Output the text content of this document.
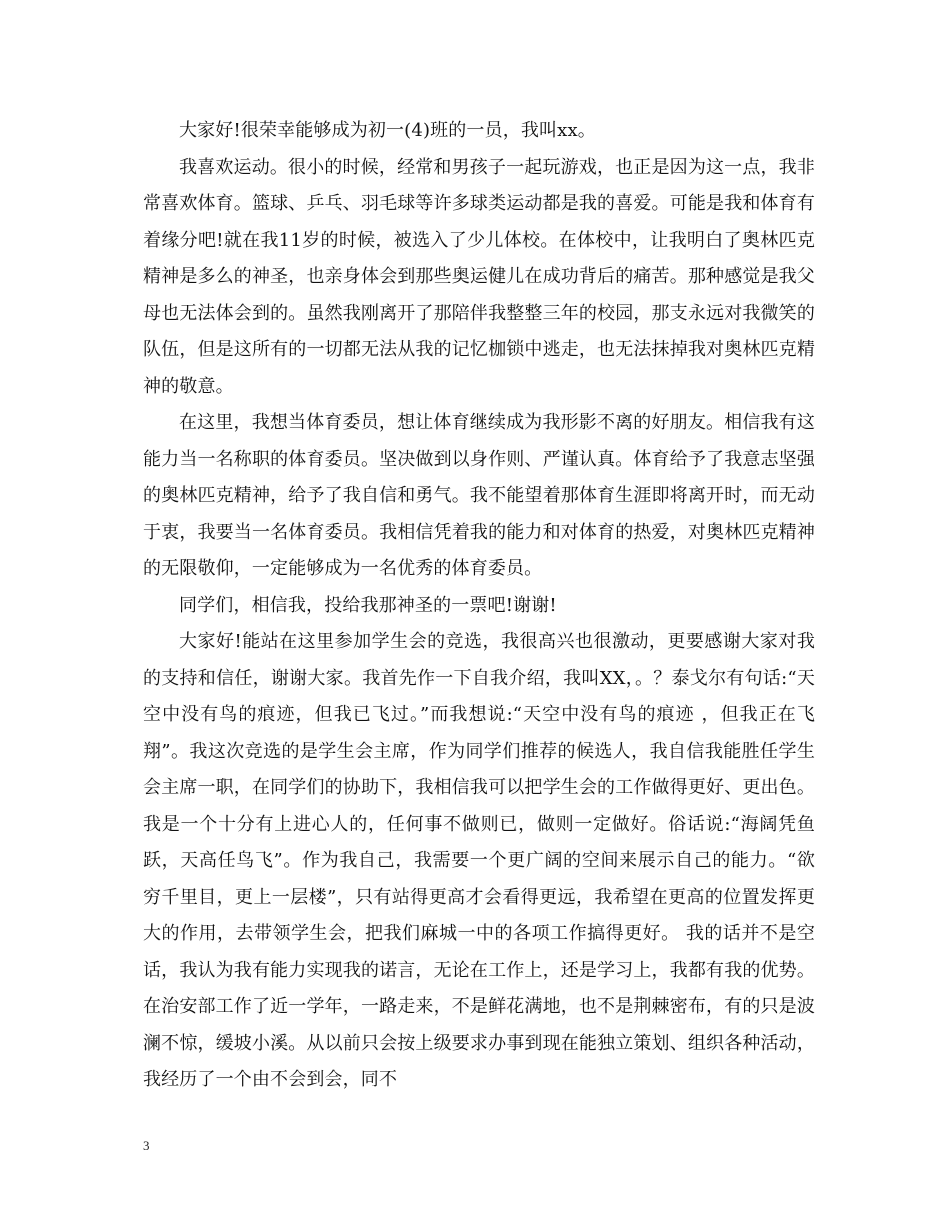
大家好!很荣幸能够成为初一(4)班的一员，我叫xx。

我喜欢运动。很小的时候，经常和男孩子一起玩游戏，也正是因为这一点，我非常喜欢体育。篮球、乒乓、羽毛球等许多球类运动都是我的喜爱。可能是我和体育有着缘分吧!就在我11岁的时候，被选入了少儿体校。在体校中，让我明白了奥林匹克精神是多么的神圣，也亲身体会到那些奥运健儿在成功背后的痛苦。那种感觉是我父母也无法体会到的。虽然我刚离开了那陪伴我整整三年的校园，那支永远对我微笑的队伍，但是这所有的一切都无法从我的记忆枷锁中逃走，也无法抹掉我对奥林匹克精神的敬意。

在这里，我想当体育委员，想让体育继续成为我形影不离的好朋友。相信我有这能力当一名称职的体育委员。坚决做到以身作则、严谨认真。体育给予了我意志坚强的奥林匹克精神，给予了我自信和勇气。我不能望着那体育生涯即将离开时，而无动于衷，我要当一名体育委员。我相信凭着我的能力和对体育的热爱，对奥林匹克精神的无限敬仰，一定能够成为一名优秀的体育委员。

同学们，相信我，投给我那神圣的一票吧!谢谢!

大家好!能站在这里参加学生会的竞选，我很高兴也很激动，更要感谢大家对我的支持和信任，谢谢大家。我首先作一下自我介绍，我叫XX，。？泰戈尔有句话:“天空中没有鸟的痕迹，但我已飞过。”而我想说:“天空中没有鸟的痕迹 ，但我正在飞翔”。我这次竞选的是学生会主席，作为同学们推荐的候选人，我自信我能胜任学生会主席一职，在同学们的协助下，我相信我可以把学生会的工作做得更好、更出色。 我是一个十分有上进心人的，任何事不做则已，做则一定做好。俗话说:“海阔凭鱼跃，天高任鸟飞”。作为我自己，我需要一个更广阔的空间来展示自己的能力。“欲穷千里目，更上一层楼”，只有站得更高才会看得更远，我希望在更高的位置发挥更大的作用，去带领学生会，把我们麻城一中的各项工作搞得更好。 我的话并不是空话，我认为我有能力实现我的诺言，无论在工作上，还是学习上，我都有我的优势。在治安部工作了近一学年，一路走来，不是鲜花满地，也不是荆棘密布，有的只是波澜不惊，缓坡小溪。从以前只会按上级要求办事到现在能独立策划、组织各种活动，我经历了一个由不会到会，同不

3
